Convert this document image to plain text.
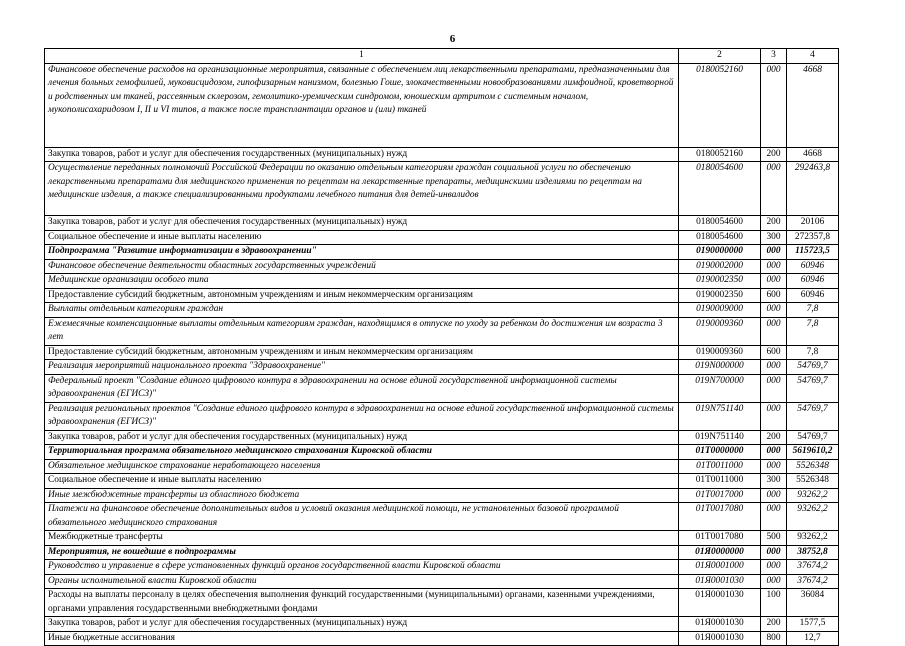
6
1	2	3	4
Финансовое обеспечение расходов на организационные мероприятия, связанные с обеспечением лиц лекарственными препаратами, предназначенными для лечения больных гемофилией, муковисцидозом, гипофизарным нанизмом, болезнью Гоше, злокачественными новообразованиями лимфоидной, кроветворной и родственных им тканей, рассеянным склерозом, гемолитико-уремическим синдромом, юношеским артритом с системным началом, мукополисахаридозом I, II и VI типов, а также после трансплантации органов и (или) тканей	0180052160	000	4668
Закупка товаров, работ и услуг для обеспечения государственных (муниципальных) нужд	0180052160	200	4668
Осуществление переданных полномочий Российской Федерации по оказанию отдельным категориям граждан социальной услуги по обеспечению лекарственными препаратами для медицинского применения по рецептам на лекарственные препараты, медицинскими изделиями по рецептам на медицинские изделия, а также специализированными продуктами лечебного питания для детей-инвалидов	0180054600	000	292463,8
Закупка товаров, работ и услуг для обеспечения государственных (муниципальных) нужд	0180054600	200	20106
Социальное обеспечение и иные выплаты населению	0180054600	300	272357,8
Подпрограмма "Развитие информатизации в здравоохранении"	0190000000	000	115723,5
Финансовое обеспечение деятельности областных государственных учреждений	0190002000	000	60946
Медицинские организации особого типа	0190002350	000	60946
Предоставление субсидий бюджетным, автономным учреждениям и иным некоммерческим организациям	0190002350	600	60946
Выплаты отдельным категориям граждан	0190009000	000	7,8
Ежемесячные компенсационные выплаты отдельным категориям граждан, находящимся в отпуске по уходу за ребенком до достижения им возраста 3 лет	0190009360	000	7,8
Предоставление субсидий бюджетным, автономным учреждениям и иным некоммерческим организациям	0190009360	600	7,8
Реализация мероприятий национального проекта "Здравоохранение"	019N000000	000	54769,7
Федеральный проект "Создание единого цифрового контура в здравоохранении на основе единой государственной информационной системы здравоохранения (ЕГИСЗ)"	019N700000	000	54769,7
Реализация региональных проектов "Создание единого цифрового контура в здравоохранении на основе единой государственной информационной системы здравоохранения (ЕГИСЗ)"	019N751140	000	54769,7
Закупка товаров, работ и услуг для обеспечения государственных (муниципальных) нужд	019N751140	200	54769,7
Территориальная программа обязательного медицинского страхования Кировской области	01T0000000	000	5619610,2
Обязательное медицинское страхование неработающего населения	01T0011000	000	5526348
Социальное обеспечение и иные выплаты населению	01T0011000	300	5526348
Иные межбюджетные трансферты из областного бюджета	01T0017000	000	93262,2
Платежи на финансовое обеспечение дополнительных видов и условий оказания медицинской помощи, не установленных базовой программой обязательного медицинского страхования	01T0017080	000	93262,2
Межбюджетные трансферты	01T0017080	500	93262,2
Мероприятия, не вошедшие в подпрограммы	01Я0000000	000	38752,8
Руководство и управление в сфере установленных функций органов государственной власти Кировской области	01Я0001000	000	37674,2
Органы исполнительной власти Кировской области	01Я0001030	000	37674,2
Расходы на выплаты персоналу в целях обеспечения выполнения функций государственными (муниципальными) органами, казенными учреждениями, органами управления государственными внебюджетными фондами	01Я0001030	100	36084
Закупка товаров, работ и услуг для обеспечения государственных (муниципальных) нужд	01Я0001030	200	1577,5
Иные бюджетные ассигнования	01Я0001030	800	12,7
